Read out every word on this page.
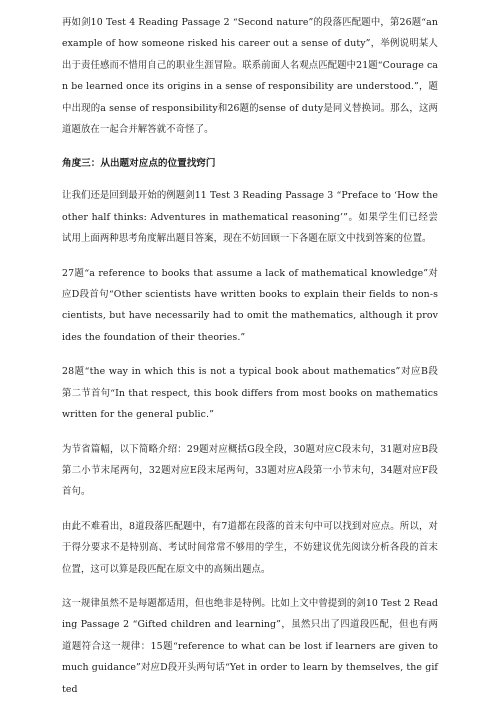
再如剑10 Test 4 Reading Passage 2 “Second nature”的段落匹配题中，第26题“an example of how someone risked his career out a sense of duty”，举例说明某人出于责任感而不惜用自己的职业生涯冒险。联系前面人名观点匹配题中21题“Courage can be learned once its origins in a sense of responsibility are understood.”，题中出现的a sense of responsibility和26题的sense of duty是同义替换词。那么，这两道题放在一起合并解答就不奇怪了。

角度三：从出题对应点的位置找窍门

让我们还是回到最开始的例题剑11 Test 3 Reading Passage 3 “Preface to ‘How the other half thinks: Adventures in mathematical reasoning’”。如果学生们已经尝试用上面两种思考角度解出题目答案，现在不妨回顾一下各题在原文中找到答案的位置。

27题“a reference to books that assume a lack of mathematical knowledge”对应D段首句“Other scientists have written books to explain their fields to non-scientists, but have necessarily had to omit the mathematics, although it provides the foundation of their theories.”

28题“the way in which this is not a typical book about mathematics”对应B段第二节首句“In that respect, this book differs from most books on mathematics written for the general public.”

为节省篇幅，以下简略介绍：29题对应概括G段全段，30题对应C段末句，31题对应B段第二小节末尾两句，32题对应E段末尾两句，33题对应A段第一小节末句，34题对应F段首句。

由此不难看出，8道段落匹配题中，有7道都在段落的首末句中可以找到对应点。所以，对于得分要求不是特别高、考试时间常常不够用的学生，不妨建议优先阅读分析各段的首末位置，这可以算是段匹配在原文中的高频出题点。

这一规律虽然不是每题都适用，但也绝非是特例。比如上文中曾提到的剑10 Test 2 Reading Passage 2 “Gifted children and learning”，虽然只出了四道段匹配，但也有两道题符合这一规律：15题“reference to what can be lost if learners are given to much guidance”对应D段开头两句话“Yet in order to learn by themselves, the gifted
